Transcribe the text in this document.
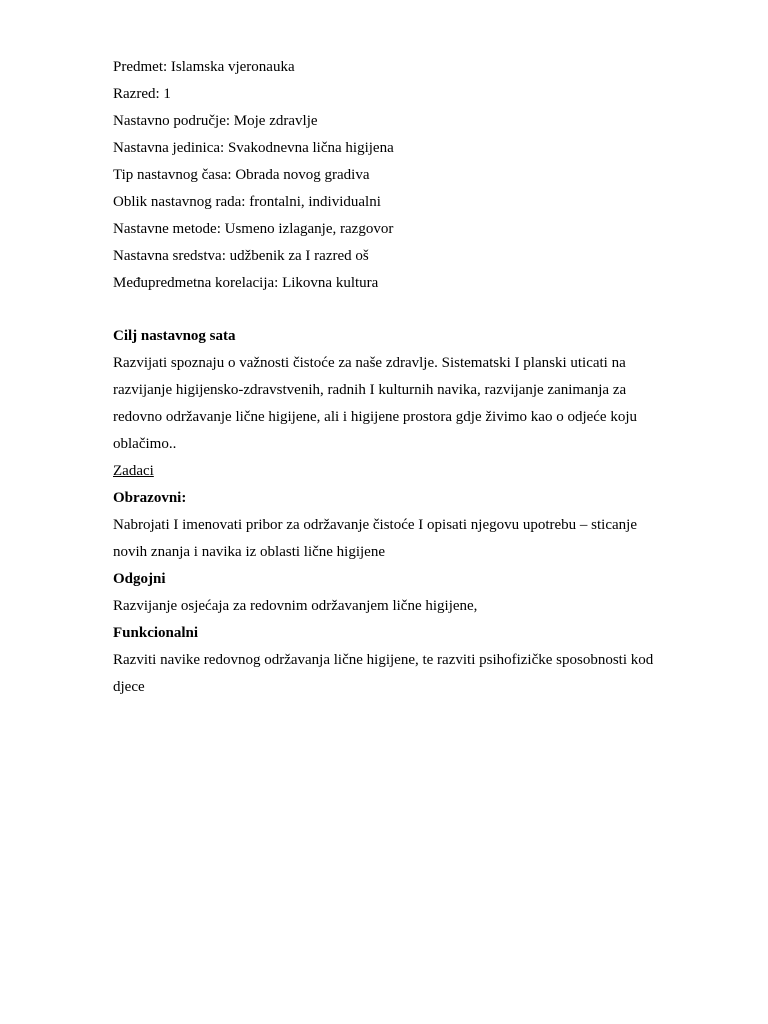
Predmet: Islamska vjeronauka

Razred: 1

Nastavno područje: Moje zdravlje

Nastavna jedinica: Svakodnevna lična higijena

Tip nastavnog časa: Obrada novog gradiva

Oblik nastavnog rada: frontalni, individualni

Nastavne metode: Usmeno izlaganje, razgovor

Nastavna sredstva: udžbenik za I razred oš

Međupredmetna korelacija: Likovna kultura

Cilj nastavnog sata

Razvijati spoznaju o važnosti čistoće za naše zdravlje. Sistematski I planski uticati na razvijanje higijensko-zdravstvenih, radnih I kulturnih navika, razvijanje zanimanja za redovno održavanje lične higijene, ali i higijene prostora gdje živimo kao o odjeće koju oblačimo..

Zadaci

Obrazovni:

Nabrojati I imenovati pribor za održavanje čistoće I opisati njegovu upotrebu – sticanje novih znanja i navika iz oblasti lične higijene

Odgojni

Razvijanje osjećaja za redovnim održavanjem lične higijene,

Funkcionalni

Razviti navike redovnog održavanja lične higijene, te razviti psihofizičke sposobnosti kod djece
